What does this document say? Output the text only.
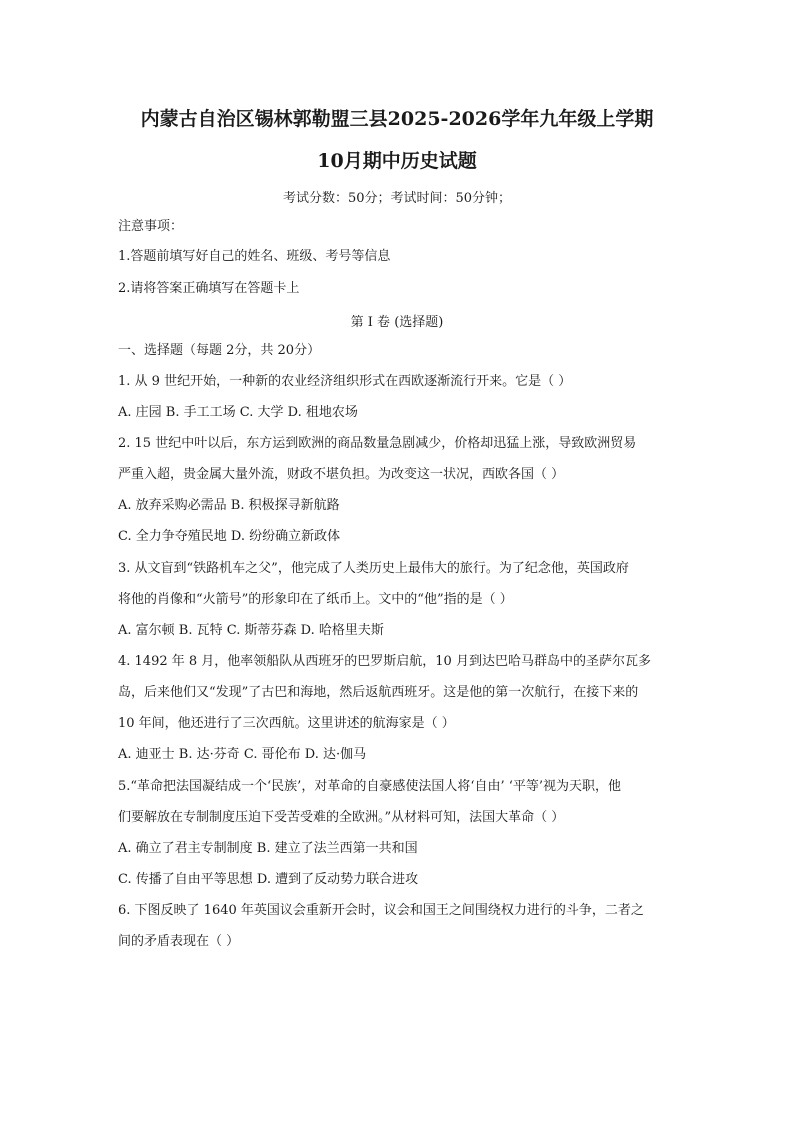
内蒙古自治区锡林郭勒盟三县2025-2026学年九年级上学期
10月期中历史试题
考试分数：50分；考试时间：50分钟；
注意事项：
1.答题前填写好自己的姓名、班级、考号等信息
2.请将答案正确填写在答题卡上
第 I 卷 (选择题)
一、选择题（每题 2分，共 20分）
1. 从 9 世纪开始，一种新的农业经济组织形式在西欧逐渐流行开来。它是（ ）
A. 庄园 B. 手工工场 C. 大学 D. 租地农场
2. 15 世纪中叶以后，东方运到欧洲的商品数量急剧减少，价格却迅猛上涨，导致欧洲贸易
严重入超，贵金属大量外流，财政不堪负担。为改变这一状况，西欧各国（ ）
A. 放弃采购必需品 B. 积极探寻新航路
C. 全力争夺殖民地 D. 纷纷确立新政体
3. 从文盲到“铁路机车之父”，他完成了人类历史上最伟大的旅行。为了纪念他，英国政府
将他的肖像和“火箭号”的形象印在了纸币上。文中的“他”指的是（ ）
A. 富尔顿 B. 瓦特 C. 斯蒂芬森 D. 哈格里夫斯
4. 1492 年 8 月，他率领船队从西班牙的巴罗斯启航，10 月到达巴哈马群岛中的圣萨尔瓦多
岛，后来他们又“发现”了古巴和海地，然后返航西班牙。这是他的第一次航行，在接下来的
10 年间，他还进行了三次西航。这里讲述的航海家是（ ）
A. 迪亚士 B. 达·芬奇 C. 哥伦布 D. 达·伽马
5.“革命把法国凝结成一个‘民族’，对革命的自豪感使法国人将‘自由’ ‘平等’视为天职，他
们要解放在专制制度压迫下受苦受难的全欧洲。”从材料可知，法国大革命（ ）
A. 确立了君主专制制度 B. 建立了法兰西第一共和国
C. 传播了自由平等思想 D. 遭到了反动势力联合进攻
6. 下图反映了 1640 年英国议会重新开会时，议会和国王之间围绕权力进行的斗争，二者之
间的矛盾表现在（ ）
